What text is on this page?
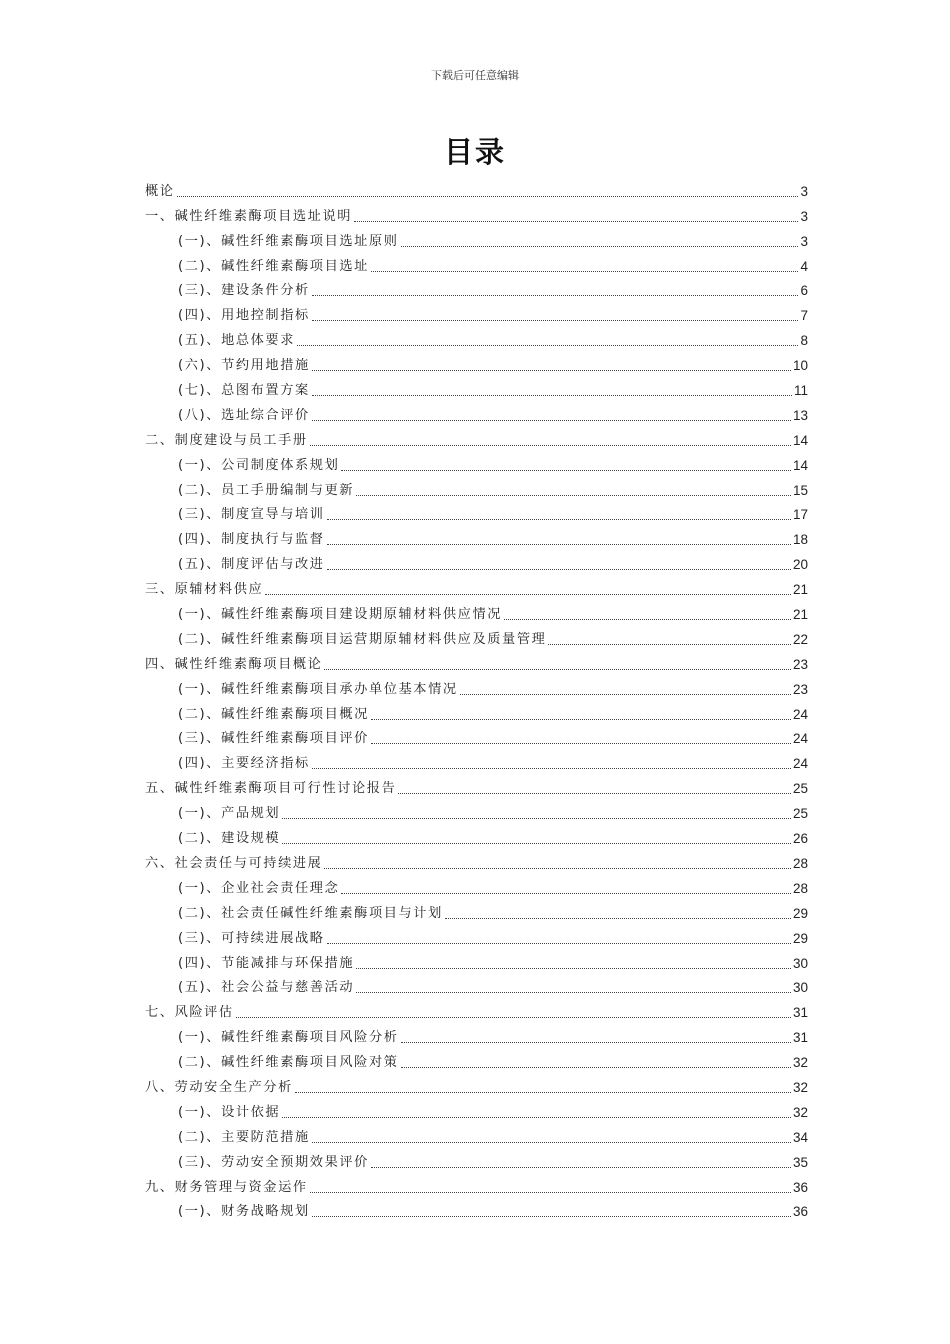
下载后可任意编辑
目录
概论	3
一、碱性纤维素酶项目选址说明	3
(一)、碱性纤维素酶项目选址原则	3
(二)、碱性纤维素酶项目选址	4
(三)、建设条件分析	6
(四)、用地控制指标	7
(五)、地总体要求	8
(六)、节约用地措施	10
(七)、总图布置方案	11
(八)、选址综合评价	13
二、制度建设与员工手册	14
(一)、公司制度体系规划	14
(二)、员工手册编制与更新	15
(三)、制度宣导与培训	17
(四)、制度执行与监督	18
(五)、制度评估与改进	20
三、原辅材料供应	21
(一)、碱性纤维素酶项目建设期原辅材料供应情况	21
(二)、碱性纤维素酶项目运营期原辅材料供应及质量管理	22
四、碱性纤维素酶项目概论	23
(一)、碱性纤维素酶项目承办单位基本情况	23
(二)、碱性纤维素酶项目概况	24
(三)、碱性纤维素酶项目评价	24
(四)、主要经济指标	24
五、碱性纤维素酶项目可行性讨论报告	25
(一)、产品规划	25
(二)、建设规模	26
六、社会责任与可持续进展	28
(一)、企业社会责任理念	28
(二)、社会责任碱性纤维素酶项目与计划	29
(三)、可持续进展战略	29
(四)、节能减排与环保措施	30
(五)、社会公益与慈善活动	30
七、风险评估	31
(一)、碱性纤维素酶项目风险分析	31
(二)、碱性纤维素酶项目风险对策	32
八、劳动安全生产分析	32
(一)、设计依据	32
(二)、主要防范措施	34
(三)、劳动安全预期效果评价	35
九、财务管理与资金运作	36
(一)、财务战略规划	36
